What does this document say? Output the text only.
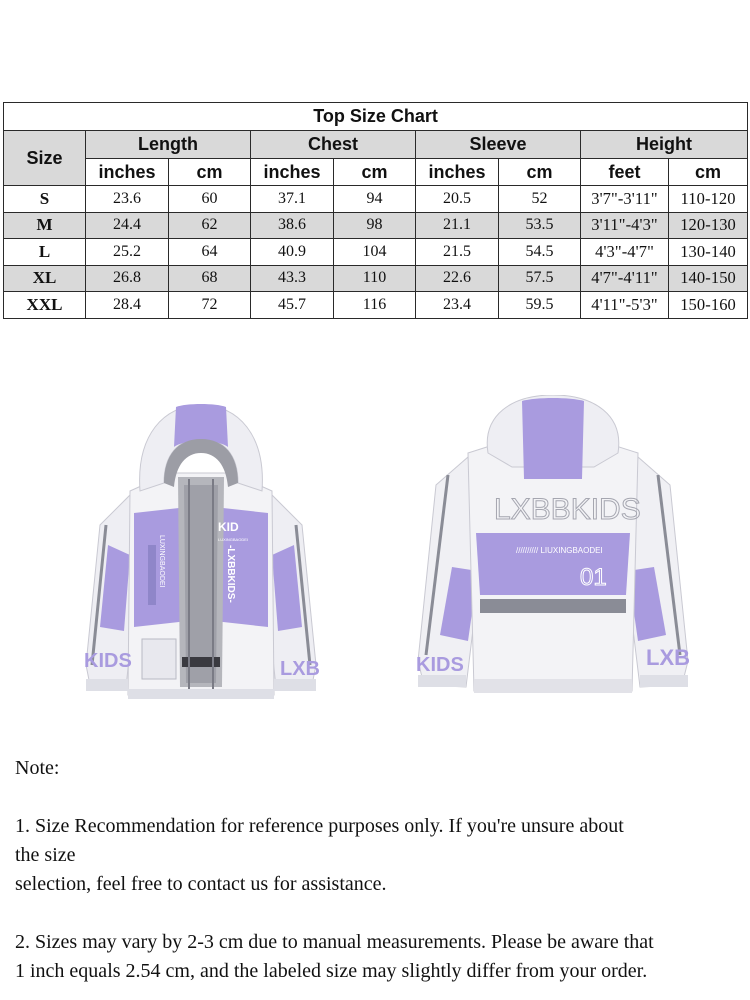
Top Size Chart								
Size	Length		Chest		Sleeve		Height	
	inches	cm	inches	cm	inches	cm	feet	cm
S	23.6	60	37.1	94	20.5	52	3'7"-3'11"	110-120
M	24.4	62	38.6	98	21.1	53.5	3'11"-4'3"	120-130
L	25.2	64	40.9	104	21.5	54.5	4'3"-4'7"	130-140
XL	26.8	68	43.3	110	22.6	57.5	4'7"-4'11"	140-150
XXL	28.4	72	45.7	116	23.4	59.5	4'11"-5'3"	150-160
KID
LUXINGBAODEI
LUXINGBAODEI	-LXBBKIDS-
KIDS	LXB
LXBBKIDS
////////// LIUXINGBAODEI
01
KIDS	LXB

Note:

1. Size Recommendation for reference purposes only. If you're unsure about

the size

selection, feel free to contact us for assistance.

2. Sizes may vary by 2-3 cm due to manual measurements. Please be aware that

1 inch equals 2.54 cm, and the labeled size may slightly differ from your order.
